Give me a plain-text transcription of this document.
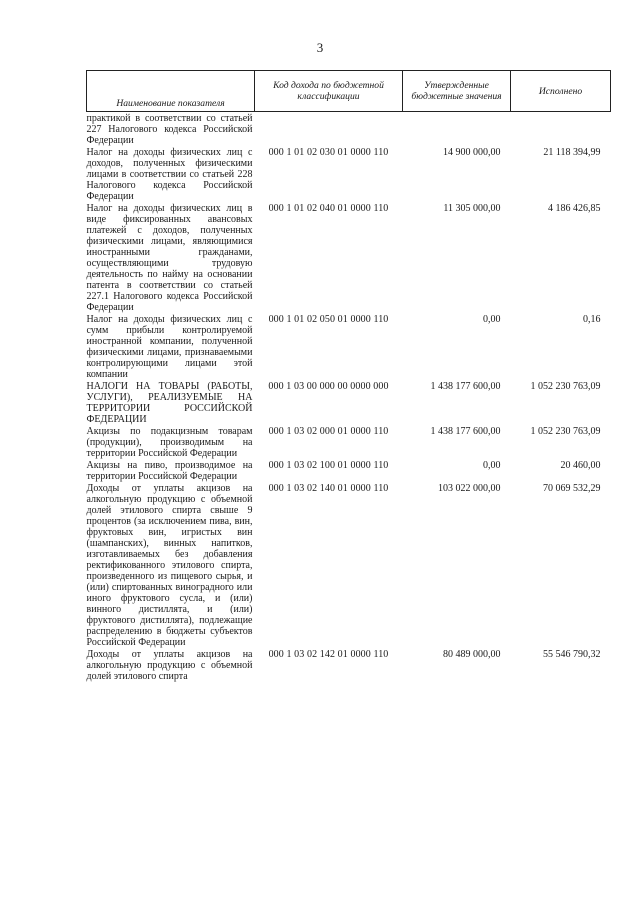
3
Наименование показателя	Код дохода по бюджетной классификации	Утвержденные бюджетные значения	Исполнено
практикой в соответствии со статьей 227 Налогового кодекса Российской Федерации			
Налог на доходы физических лиц с доходов, полученных физическими лицами в соответствии со статьей 228 Налогового кодекса Российской Федерации	000 1 01 02 030 01 0000 110	14 900 000,00	21 118 394,99
Налог на доходы физических лиц в виде фиксированных авансовых платежей с доходов, полученных физическими лицами, являющимися иностранными гражданами, осуществляющими трудовую деятельность по найму на основании патента в соответствии со статьей 227.1 Налогового кодекса Российской Федерации	000 1 01 02 040 01 0000 110	11 305 000,00	4 186 426,85
Налог на доходы физических лиц с сумм прибыли контролируемой иностранной компании, полученной физическими лицами, признаваемыми контролирующими лицами этой компании	000 1 01 02 050 01 0000 110	0,00	0,16
НАЛОГИ НА ТОВАРЫ (РАБОТЫ, УСЛУГИ), РЕАЛИЗУЕМЫЕ НА ТЕРРИТОРИИ РОССИЙСКОЙ ФЕДЕРАЦИИ	000 1 03 00 000 00 0000 000	1 438 177 600,00	1 052 230 763,09
Акцизы по подакцизным товарам (продукции), производимым на территории Российской Федерации	000 1 03 02 000 01 0000 110	1 438 177 600,00	1 052 230 763,09
Акцизы на пиво, производимое на территории Российской Федерации	000 1 03 02 100 01 0000 110	0,00	20 460,00
Доходы от уплаты акцизов на алкогольную продукцию с объемной долей этилового спирта свыше 9 процентов (за исключением пива, вин, фруктовых вин, игристых вин (шампанских), винных напитков, изготавливаемых без добавления ректификованного этилового спирта, произведенного из пищевого сырья, и (или) спиртованных виноградного или иного фруктового сусла, и (или) винного дистиллята, и (или) фруктового дистиллята), подлежащие распределению в бюджеты субъектов Российской Федерации	000 1 03 02 140 01 0000 110	103 022 000,00	70 069 532,29
Доходы от уплаты акцизов на алкогольную продукцию с объемной долей этилового спирта	000 1 03 02 142 01 0000 110	80 489 000,00	55 546 790,32
